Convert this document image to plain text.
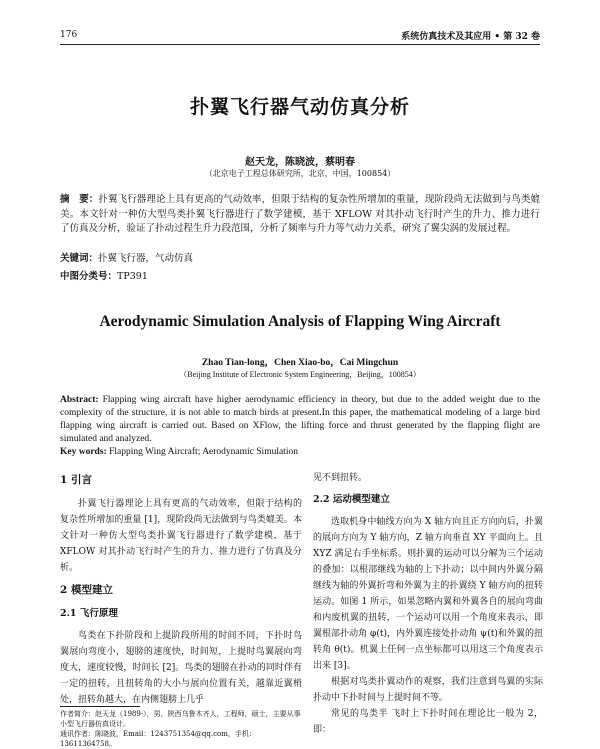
176	系统仿真技术及其应用 • 第 32 卷
扑翼飞行器气动仿真分析
赵天龙，陈晓波，蔡明春
（北京电子工程总体研究所，北京，中国，100854）
摘　要：扑翼飞行器理论上具有更高的气动效率，但限于结构的复杂性所增加的重量，现阶段尚无法做到与鸟类媲美。本文针对一种仿大型鸟类扑翼飞行器进行了数学建模，基于 XFLOW 对其扑动飞行时产生的升力、推力进行了仿真及分析，验证了扑动过程生升力段范围，分析了频率与升力等气动力关系，研究了翼尖涡的发展过程。
关键词：扑翼飞行器，气动仿真
中图分类号：TP391
Aerodynamic Simulation Analysis of Flapping Wing Aircraft
Zhao Tian-long，Chen Xiao-bo，Cai Mingchun
（Beijing Institute of Electronic System Engineering，Beijing，100854）
Abstract: Flapping wing aircraft have higher aerodynamic efficiency in theory, but due to the added weight due to the complexity of the structure, it is not able to match birds at present.In this paper, the mathematical modeling of a large bird flapping wing aircraft is carried out. Based on XFlow, the lifting force and thrust generated by the flapping flight are simulated and analyzed.
Key words: Flapping Wing Aircraft; Aerodynamic Simulation
1 引言

扑翼飞行器理论上具有更高的气动效率，但限于结构的复杂性所增加的重量 [1]，现阶段尚无法做到与鸟类媲美。本文针对一种仿大型鸟类扑翼飞行器进行了数学建模，基于 XFLOW 对其扑动飞行时产生的升力、推力进行了仿真及分析。

2 模型建立
2.1 飞行原理

鸟类在下扑阶段和上提阶段所用的时间不同，下扑时鸟翼展向弯度小，翅膀的速度快，时间短，上提时鸟翼展向弯度大，速度较慢，时间长 [2]。鸟类的翅膀在扑动的同时伴有一定的扭转，且扭转角的大小与展向位置有关，越靠近翼梢处，扭转角越大，在内侧翅膀上几乎

见不到扭转。

2.2 运动模型建立

选取机身中轴线方向为 X 轴方向且正方向向后，扑翼的展向方向为 Y 轴方向，Z 轴方向垂直 XY 平面向上。且 XYZ 满足右手坐标系。则扑翼的运动可以分解为三个运动的叠加：以根部继线为轴的上下扑动；以中间内外翼分隔继线为轴的外翼折弯和外翼为主的扑翼绕 Y 轴方向的扭转运动。如图 1 所示，如果忽略内翼和外翼各自的展向弯曲和内废机翼的扭转，一个运动可以用一个角度来表示，即翼根部扑动角 φ(t)，内外翼连接处扑动角 ψ(t)和外翼的扭转角 θ(t)。机翼上任何一点坐标都可以用这三个角度表示出来 [3]。

根据对鸟类扑翼动作的观察，我们注意到鸟翼的实际扑动中下扑时间与上提时间不等。

常见的鸟类半 飞时上下扑时间在理论比一般为 2，即：

作者简介：赵天龙（1989-），男，陕西乌鲁木齐人，工程师，硕士，主要从事小型飞行器仿真设计。
通讯作者：陈晓波，Email：1243751354@qq.com，手机：13611364758。
